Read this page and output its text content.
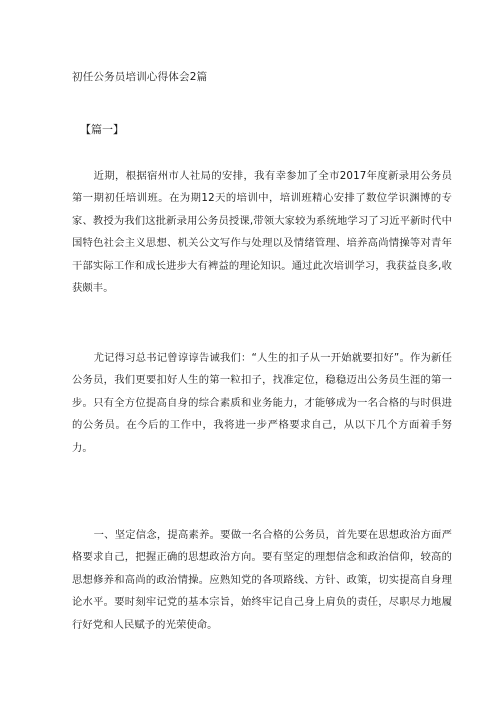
初任公务员培训心得体会2篇
【篇一】

近期，根据宿州市人社局的安排，我有幸参加了全市2017年度新录用公务员第一期初任培训班。在为期12天的培训中，培训班精心安排了数位学识渊博的专家、教授为我们这批新录用公务员授课,带领大家较为系统地学习了习近平新时代中国特色社会主义思想、机关公文写作与处理以及情绪管理、培养高尚情操等对青年干部实际工作和成长进步大有裨益的理论知识。通过此次培训学习，我获益良多,收获颇丰。

尤记得习总书记曾谆谆告诫我们：“人生的扣子从一开始就要扣好”。作为新任公务员，我们更要扣好人生的第一粒扣子，找准定位，稳稳迈出公务员生涯的第一步。只有全方位提高自身的综合素质和业务能力，才能够成为一名合格的与时俱进的公务员。在今后的工作中，我将进一步严格要求自己，从以下几个方面着手努力。

一、坚定信念，提高素养。要做一名合格的公务员，首先要在思想政治方面严格要求自己，把握正确的思想政治方向。要有坚定的理想信念和政治信仰，较高的思想修养和高尚的政治情操。应熟知党的各项路线、方针、政策，切实提高自身理论水平。要时刻牢记党的基本宗旨，始终牢记自己身上肩负的责任，尽职尽力地履行好党和人民赋予的光荣使命。
